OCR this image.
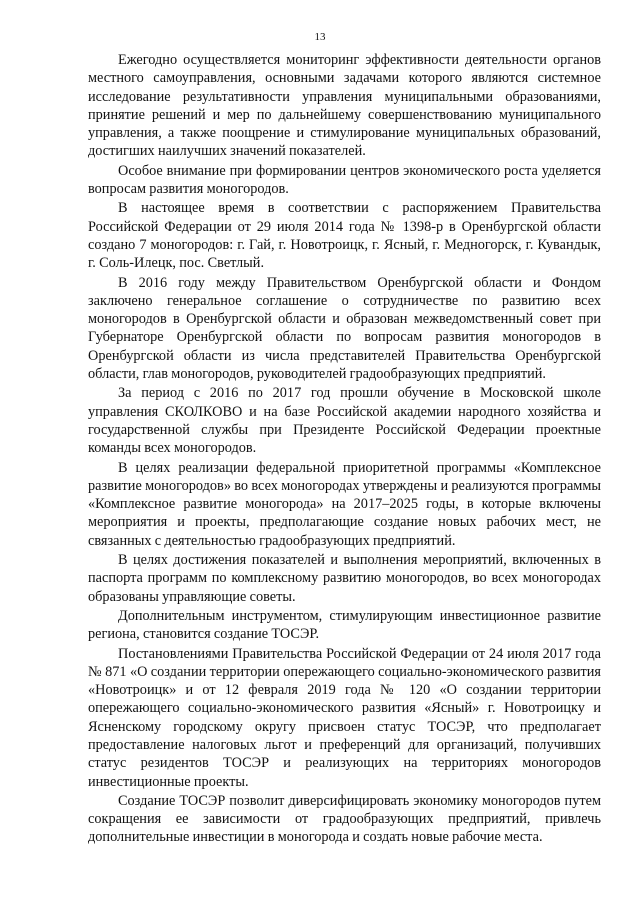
13

Ежегодно осуществляется мониторинг эффективности деятельности органов местного самоуправления, основными задачами которого являются системное исследование результативности управления муниципальными образованиями, принятие решений и мер по дальнейшему совершенствованию муниципального управления, а также поощрение и стимулирование муниципальных образований, достигших наилучших значений показателей.

Особое внимание при формировании центров экономического роста уделяется вопросам развития моногородов.

В настоящее время в соответствии с распоряжением Правительства Российской Федерации от 29 июля 2014 года № 1398-р в Оренбургской области создано 7 моногородов: г. Гай, г. Новотроицк, г. Ясный, г. Медногорск, г. Кувандык, г. Соль-Илецк, пос. Светлый.

В 2016 году между Правительством Оренбургской области и Фондом заключено генеральное соглашение о сотрудничестве по развитию всех моногородов в Оренбургской области и образован межведомственный совет при Губернаторе Оренбургской области по вопросам развития моногородов в Оренбургской области из числа представителей Правительства Оренбургской области, глав моногородов, руководителей градообразующих предприятий.

За период с 2016 по 2017 год прошли обучение в Московской школе управления СКОЛКОВО и на базе Российской академии народного хозяйства и государственной службы при Президенте Российской Федерации проектные команды всех моногородов.

В целях реализации федеральной приоритетной программы «Комплексное развитие моногородов» во всех моногородах утверждены и реализуются программы «Комплексное развитие моногорода» на 2017–2025 годы, в которые включены мероприятия и проекты, предполагающие создание новых рабочих мест, не связанных с деятельностью градообразующих предприятий.

В целях достижения показателей и выполнения мероприятий, включенных в паспорта программ по комплексному развитию моногородов, во всех моногородах образованы управляющие советы.

Дополнительным инструментом, стимулирующим инвестиционное развитие региона, становится создание ТОСЭР.

Постановлениями Правительства Российской Федерации от 24 июля 2017 года № 871 «О создании территории опережающего социально-экономического развития «Новотроицк» и от 12 февраля 2019 года № 120 «О создании территории опережающего социально-экономического развития «Ясный» г. Новотроицку и Ясненскому городскому округу присвоен статус ТОСЭР, что предполагает предоставление налоговых льгот и преференций для организаций, получивших статус резидентов ТОСЭР и реализующих на территориях моногородов инвестиционные проекты.

Создание ТОСЭР позволит диверсифицировать экономику моногородов путем сокращения ее зависимости от градообразующих предприятий, привлечь дополнительные инвестиции в моногорода и создать новые рабочие места.
